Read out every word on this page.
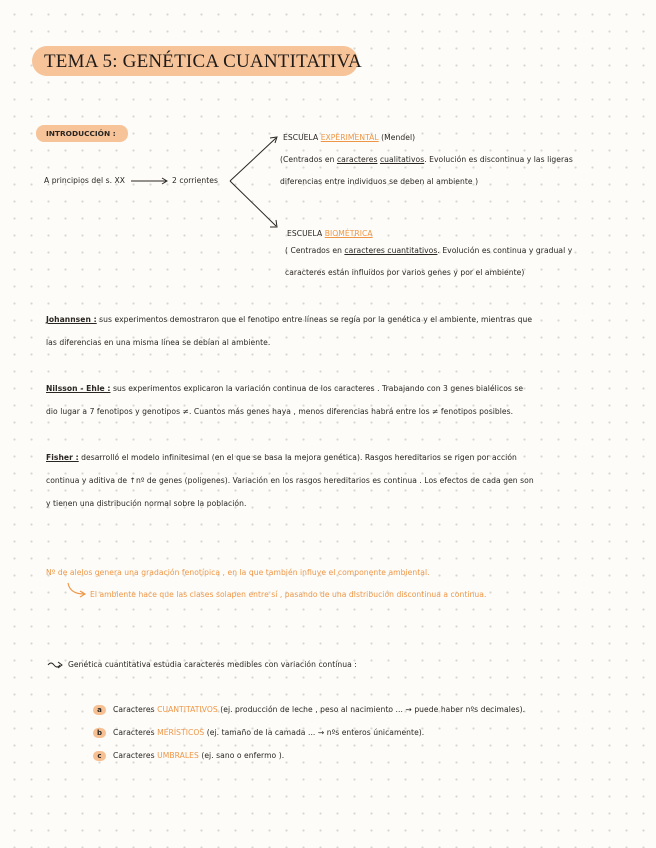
TEMA 5: GENÉTICA CUANTITATIVA
INTRODUCCIÓN :
A principios del s. XX	2 corrientes
ESCUELA EXPERIMENTAL (Mendel)
(Centrados en caracteres cualitativos. Evolución es discontinua y las ligeras
diferencias entre individuos se deben al ambiente )
ESCUELA BIOMÉTRICA
( Centrados en caracteres cuantitativos. Evolución es continua y gradual y
caracteres están influidos por varios genes y por el ambiente)
Johannsen : sus experimentos demostraron que el fenotipo entre líneas se regía por la genética y el ambiente, mientras que
las diferencias en una misma línea se debían al ambiente.
Nilsson - Ehle : sus experimentos explicaron la variación continua de los caracteres . Trabajando con 3 genes bialélicos se
dio lugar a 7 fenotipos y genotipos ≠. Cuantos más genes haya , menos diferencias habrá entre los ≠ fenotipos posibles.
Fisher : desarrolló el modelo infinitesimal (en el que se basa la mejora genética). Rasgos hereditarios se rigen por acción
continua y aditiva de ↑nº de genes (poligenes). Variación en los rasgos hereditarios es continua . Los efectos de cada gen son
y tienen una distribución normal sobre la población.
Nº de alelos genera una gradación fenotípica , en la que también influye el componente ambiental.
El ambiente hace que las clases solapen entre sí , pasando de una distribución discontinua a continua.
Genética cuantitativa estudia caracteres medibles con variación continua :
a	Caracteres CUANTITATIVOS (ej. producción de leche , peso al nacimiento ... ⇝ puede haber nºs decimales).
b	Caracteres MERÍSTICOS (ej. tamaño de la camada ... ⇝ nºs enteros únicamente).
c	Caracteres UMBRALES (ej. sano o enfermo ).
